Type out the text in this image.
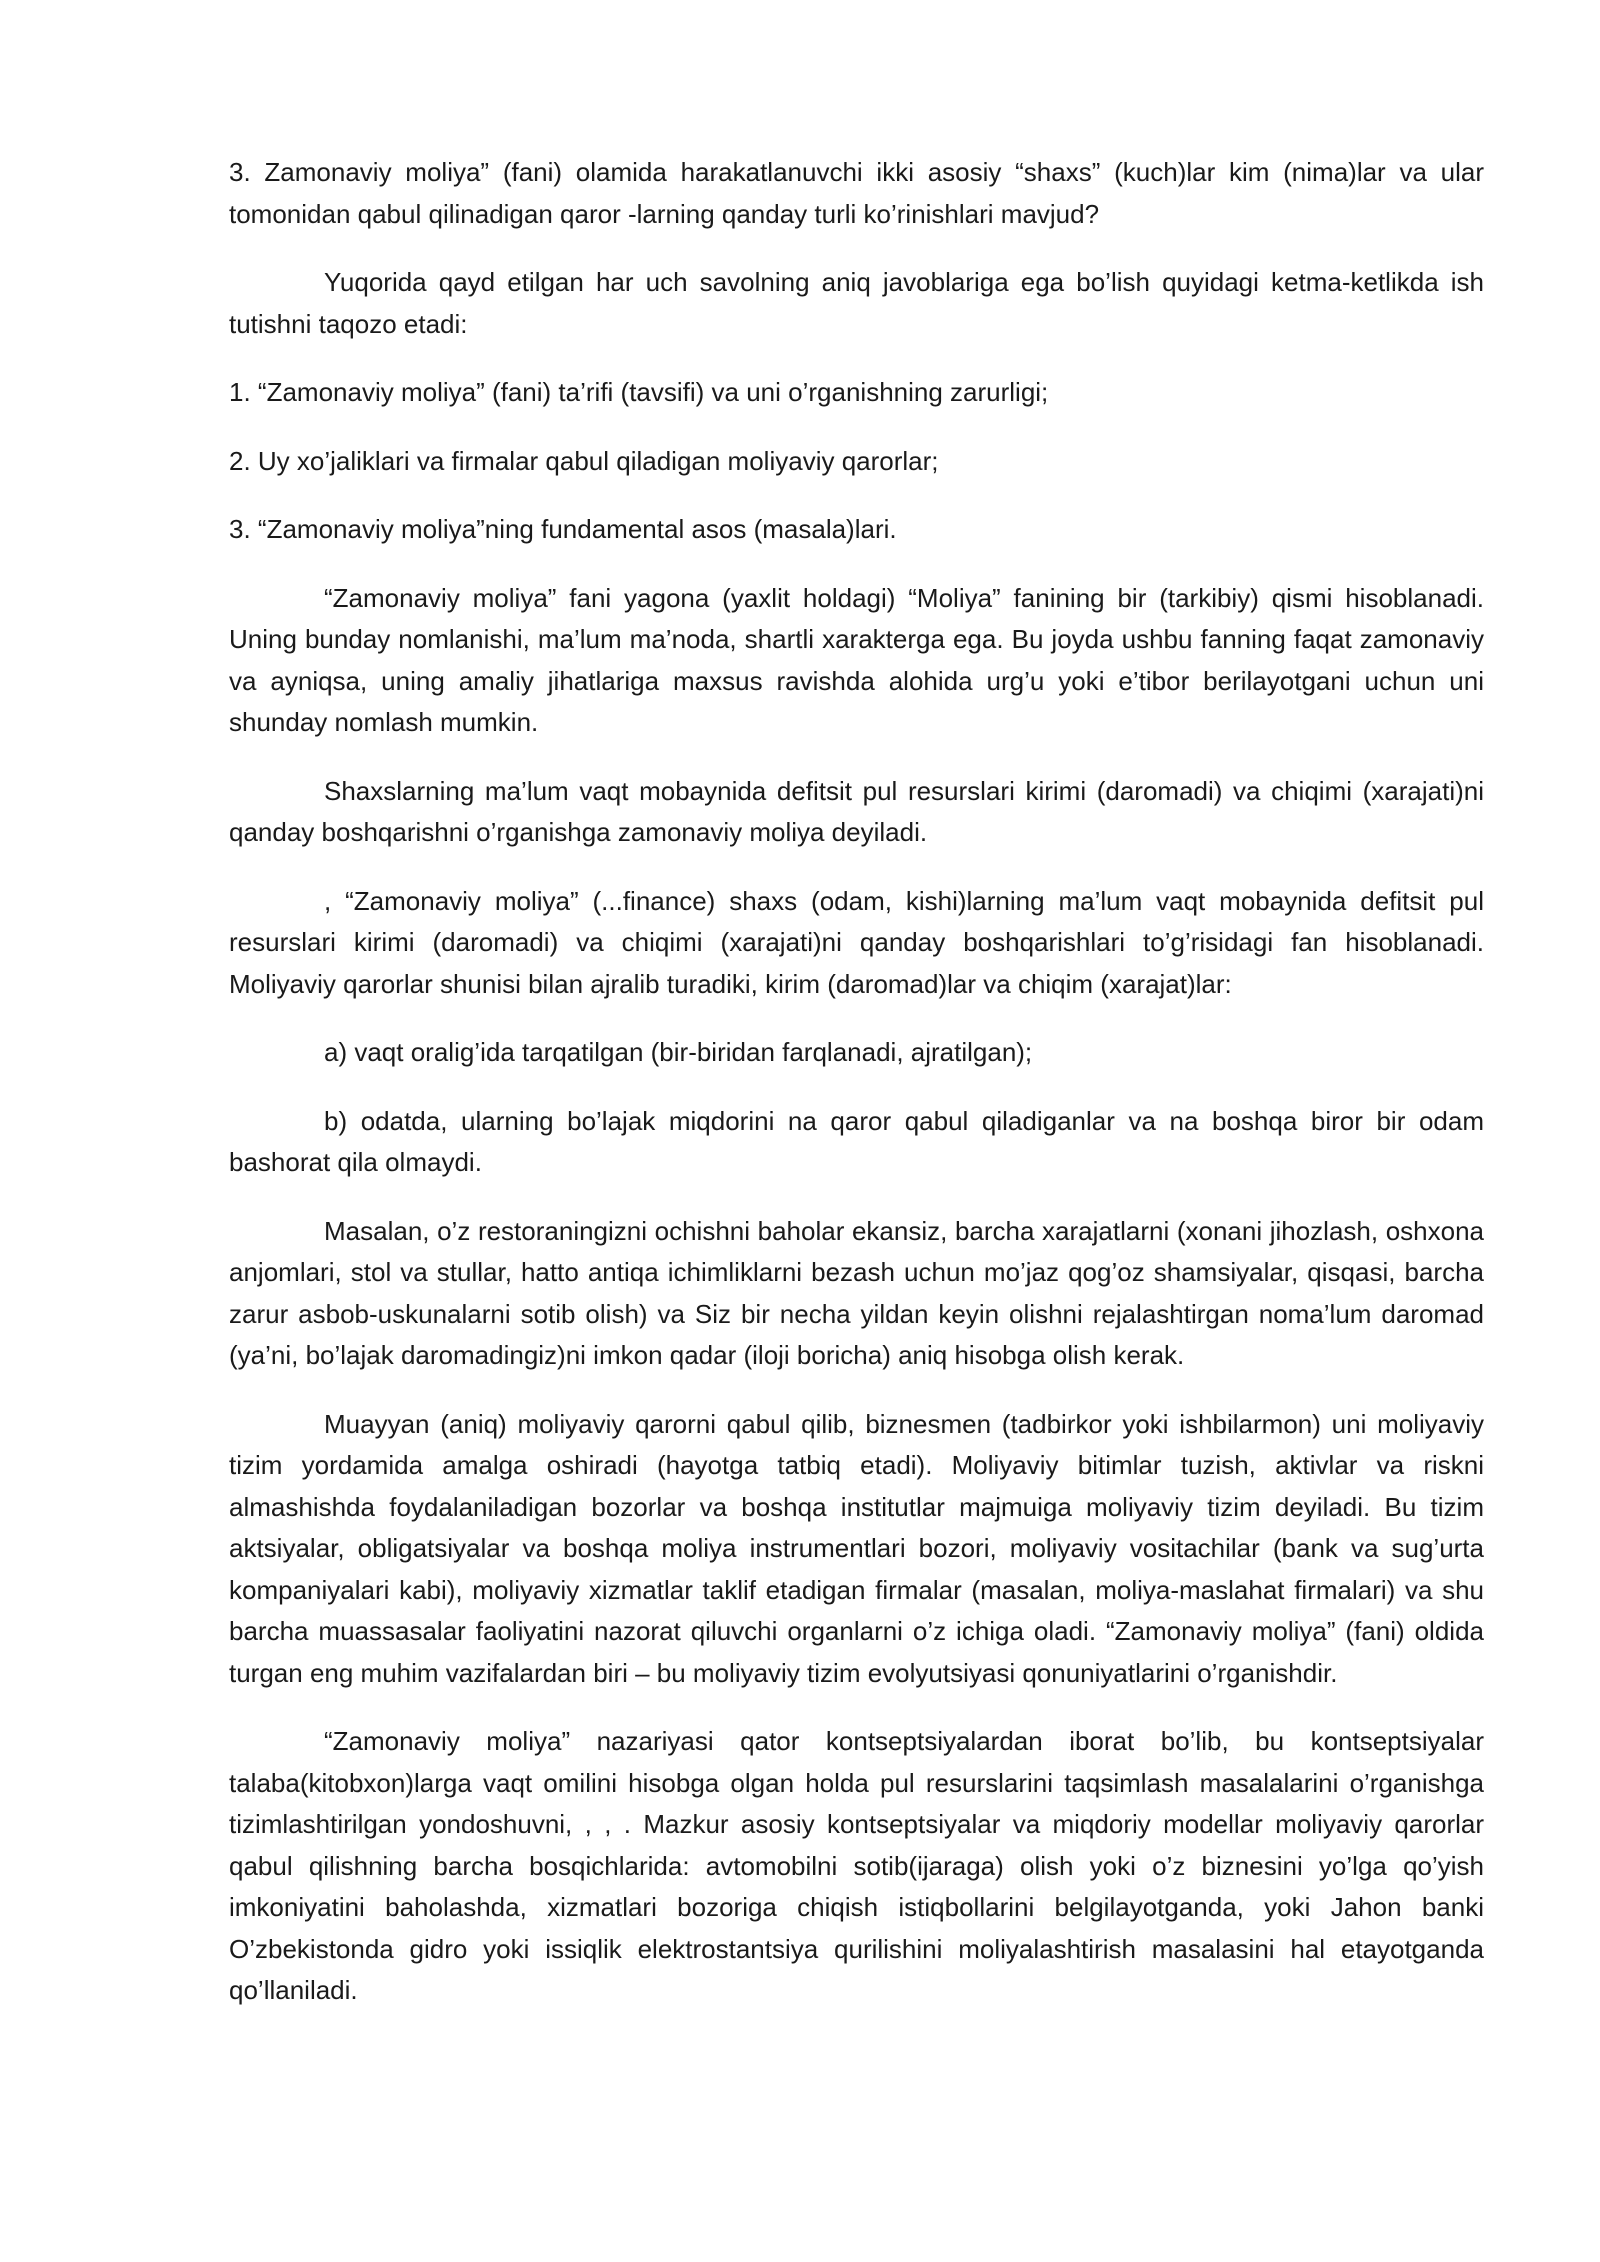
3. Zamonaviy moliya” (fani) olamida harakatlanuvchi ikki asosiy “shaxs” (kuch)lar kim (nima)lar va ular tomonidan qabul qilinadigan qaror -larning qanday turli ko’rinishlari mavjud?

Yuqorida qayd etilgan har uch savolning aniq javoblariga ega bo’lish quyidagi ketma-ketlikda ish tutishni taqozo etadi:

1. “Zamonaviy moliya” (fani) ta’rifi (tavsifi) va uni o’rganishning zarurligi;

2. Uy xo’jaliklari va firmalar qabul qiladigan moliyaviy qarorlar;

3. “Zamonaviy moliya”ning fundamental asos (masala)lari.

“Zamonaviy moliya” fani yagona (yaxlit holdagi) “Moliya” fanining bir (tarkibiy) qismi hisoblanadi. Uning bunday nomlanishi, ma’lum ma’noda, shartli xarakterga ega. Bu joyda ushbu fanning faqat zamonaviy va ayniqsa, uning amaliy jihatlariga maxsus ravishda alohida urg’u yoki e’tibor berilayotgani uchun uni shunday nomlash mumkin.

Shaxslarning ma’lum vaqt mobaynida defitsit pul resurslari kirimi (daromadi) va chiqimi (xarajati)ni qanday boshqarishni o’rganishga zamonaviy moliya deyiladi.

, “Zamonaviy moliya” (...finance) shaxs (odam, kishi)larning ma’lum vaqt mobaynida defitsit pul resurslari kirimi (daromadi) va chiqimi (xarajati)ni qanday boshqarishlari to’g’risidagi fan hisoblanadi. Moliyaviy qarorlar shunisi bilan ajralib turadiki, kirim (daromad)lar va chiqim (xarajat)lar:

a) vaqt oralig’ida tarqatilgan (bir-biridan farqlanadi, ajratilgan);

b) odatda, ularning bo’lajak miqdorini na qaror qabul qiladiganlar va na boshqa biror bir odam bashorat qila olmaydi.

Masalan, o’z restoraningizni ochishni baholar ekansiz, barcha xarajatlarni (xonani jihozlash, oshxona anjomlari, stol va stullar, hatto antiqa ichimliklarni bezash uchun mo’jaz qog’oz shamsiyalar, qisqasi, barcha zarur asbob-uskunalarni sotib olish) va Siz bir necha yildan keyin olishni rejalashtirgan noma’lum daromad (ya’ni, bo’lajak daromadingiz)ni imkon qadar (iloji boricha) aniq hisobga olish kerak.

Muayyan (aniq) moliyaviy qarorni qabul qilib, biznesmen (tadbirkor yoki ishbilarmon) uni moliyaviy tizim yordamida amalga oshiradi (hayotga tatbiq etadi). Moliyaviy bitimlar tuzish, aktivlar va riskni almashishda foydalaniladigan bozorlar va boshqa institutlar majmuiga moliyaviy tizim deyiladi. Bu tizim aktsiyalar, obligatsiyalar va boshqa moliya instrumentlari bozori, moliyaviy vositachilar (bank va sug’urta kompaniyalari kabi), moliyaviy xizmatlar taklif etadigan firmalar (masalan, moliya-maslahat firmalari) va shu barcha muassasalar faoliyatini nazorat qiluvchi organlarni o’z ichiga oladi. “Zamonaviy moliya” (fani) oldida turgan eng muhim vazifalardan biri – bu moliyaviy tizim evolyutsiyasi qonuniyatlarini o’rganishdir.

“Zamonaviy moliya” nazariyasi qator kontseptsiyalardan iborat bo’lib, bu kontseptsiyalar talaba(kitobxon)larga vaqt omilini hisobga olgan holda pul resurslarini taqsimlash masalalarini o’rganishga tizimlashtirilgan yondoshuvni, , , . Mazkur asosiy kontseptsiyalar va miqdoriy modellar moliyaviy qarorlar qabul qilishning barcha bosqichlarida: avtomobilni sotib(ijaraga) olish yoki o’z biznesini yo’lga qo’yish imkoniyatini baholashda, xizmatlari bozoriga chiqish istiqbollarini belgilayotganda, yoki Jahon banki O’zbekistonda gidro yoki issiqlik elektrostantsiya qurilishini moliyalashtirish masalasini hal etayotganda qo’llaniladi.
